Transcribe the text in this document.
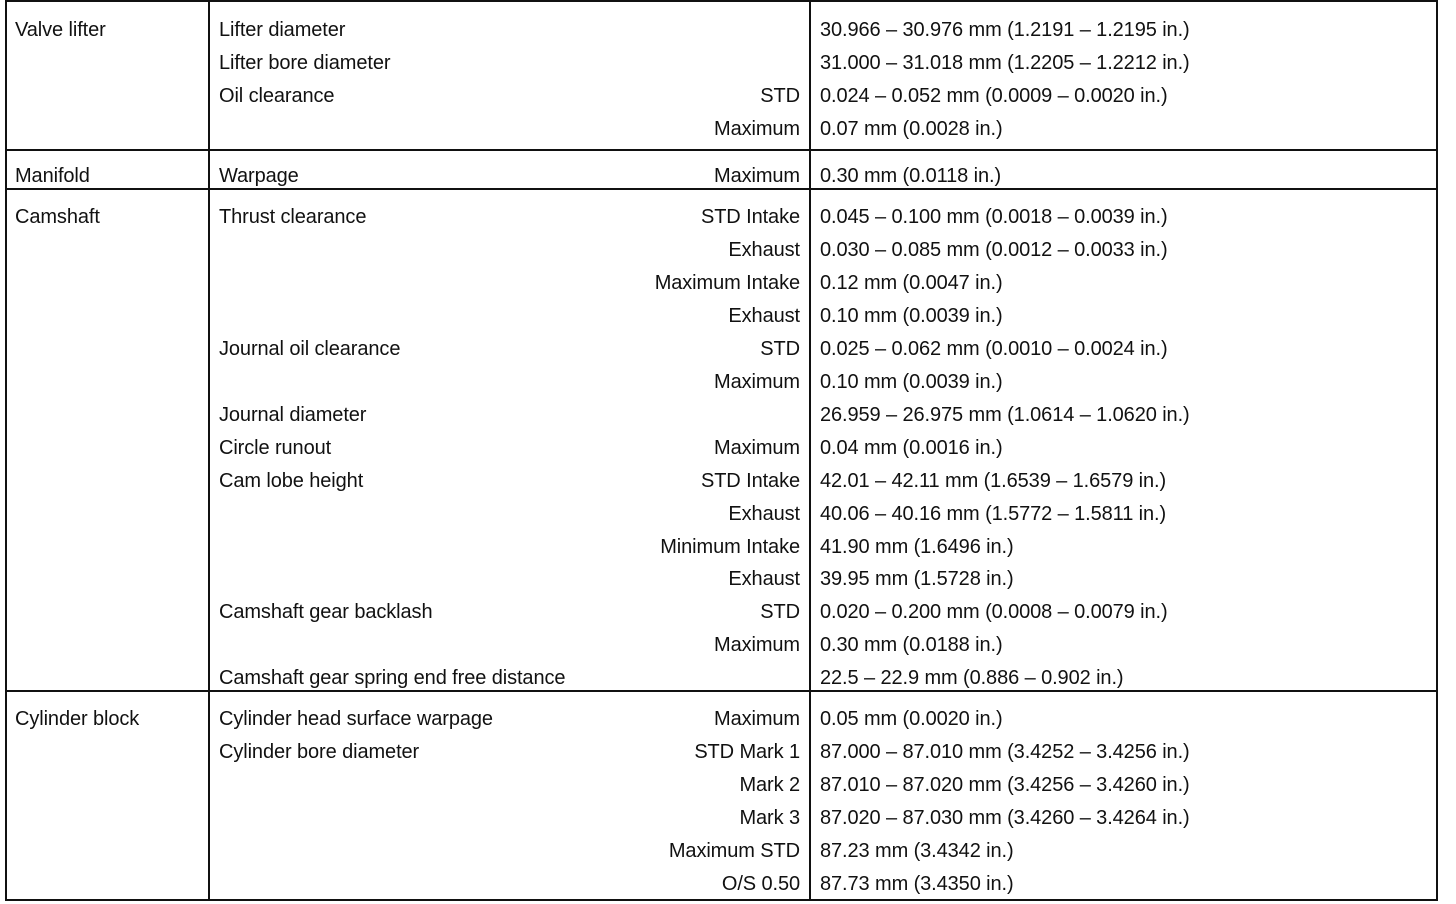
Valve lifter	Lifter diameter	30.966 – 30.976 mm (1.2191 – 1.2195 in.)
Lifter bore diameter	31.000 – 31.018 mm (1.2205 – 1.2212 in.)
Oil clearance	STD 0.024 – 0.052 mm (0.0009 – 0.0020 in.)
Maximum 0.07 mm (0.0028 in.)
Manifold	Warpage	Maximum 0.30 mm (0.0118 in.)
Camshaft	Thrust clearance	STD Intake 0.045 – 0.100 mm (0.0018 – 0.0039 in.)
Exhaust 0.030 – 0.085 mm (0.0012 – 0.0033 in.)
Maximum Intake 0.12 mm (0.0047 in.)
Exhaust 0.10 mm (0.0039 in.)
Journal oil clearance	STD 0.025 – 0.062 mm (0.0010 – 0.0024 in.)
Maximum 0.10 mm (0.0039 in.)
Journal diameter	26.959 – 26.975 mm (1.0614 – 1.0620 in.)
Circle runout	Maximum 0.04 mm (0.0016 in.)
Cam lobe height	STD Intake 42.01 – 42.11 mm (1.6539 – 1.6579 in.)
Exhaust 40.06 – 40.16 mm (1.5772 – 1.5811 in.)
Minimum Intake 41.90 mm (1.6496 in.)
Exhaust 39.95 mm (1.5728 in.)
Camshaft gear backlash	STD 0.020 – 0.200 mm (0.0008 – 0.0079 in.)
Maximum 0.30 mm (0.0188 in.)
Camshaft gear spring end free distance	22.5 – 22.9 mm (0.886 – 0.902 in.)
Cylinder block	Cylinder head surface warpage	Maximum 0.05 mm (0.0020 in.)
Cylinder bore diameter	STD Mark 1 87.000 – 87.010 mm (3.4252 – 3.4256 in.)
Mark 2 87.010 – 87.020 mm (3.4256 – 3.4260 in.)
Mark 3 87.020 – 87.030 mm (3.4260 – 3.4264 in.)
Maximum STD 87.23 mm (3.4342 in.)
O/S 0.50 87.73 mm (3.4350 in.)
